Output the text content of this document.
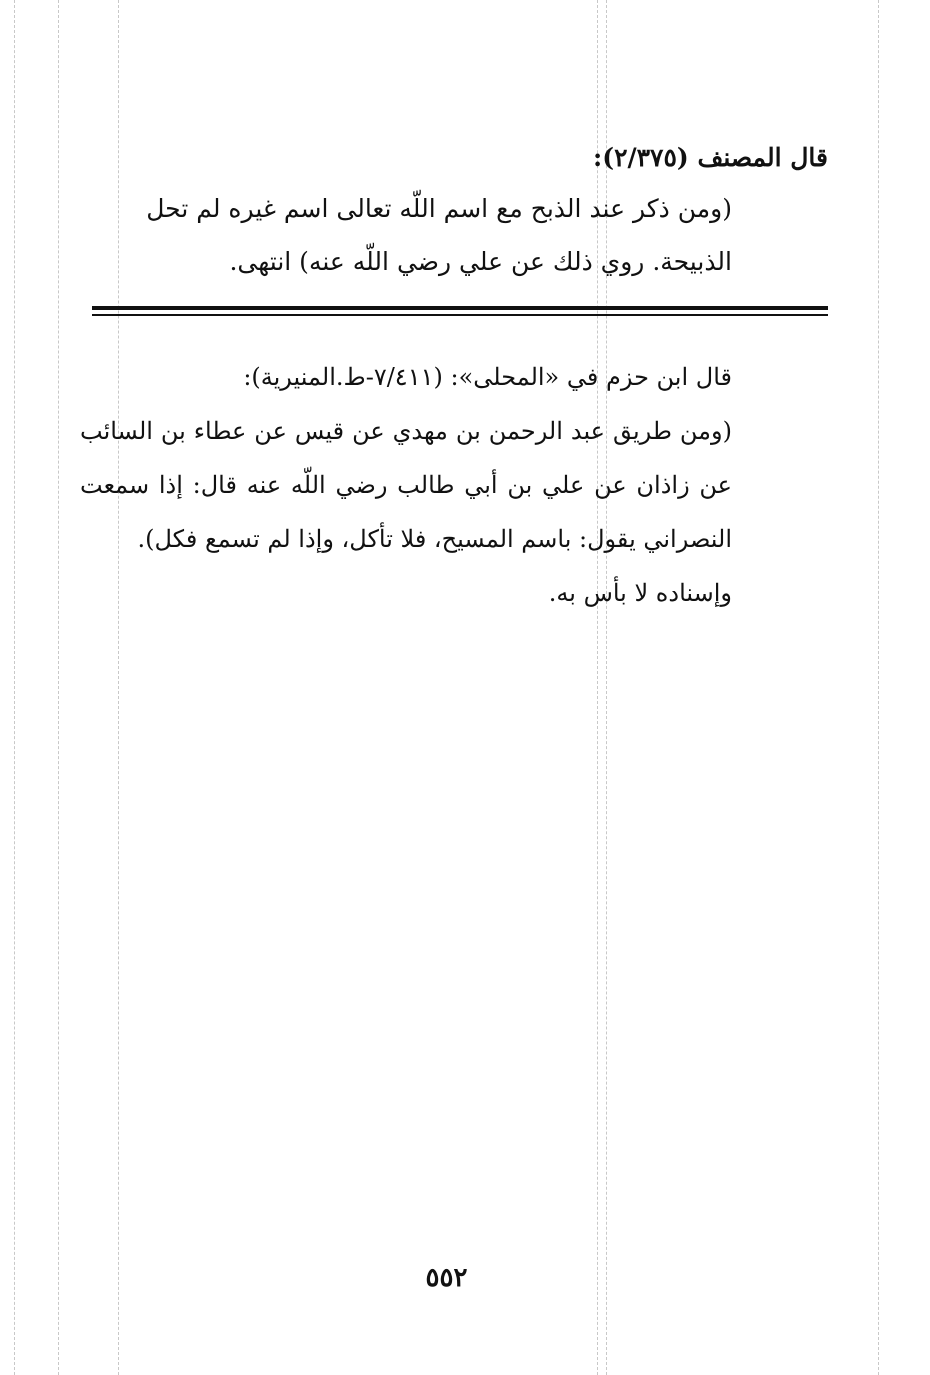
قال المصنف (٢/٣٧٥):

(ومن ذكر عند الذبح مع اسم اللّه تعالى اسم غيره لم تحل

الذبيحة. روي ذلك عن علي رضي اللّه عنه) انتهى.

قال ابن حزم في «المحلى»: (٧/٤١١-ط.المنيرية):

(ومن طريق عبد الرحمن بن مهدي عن قيس عن عطاء بن السائب عن زاذان عن علي بن أبي طالب رضي اللّه عنه قال: إذا سمعت النصراني يقول: باسم المسيح، فلا تأكل، وإذا لم تسمع فكل).

وإسناده لا بأس به.

٥٥٢
